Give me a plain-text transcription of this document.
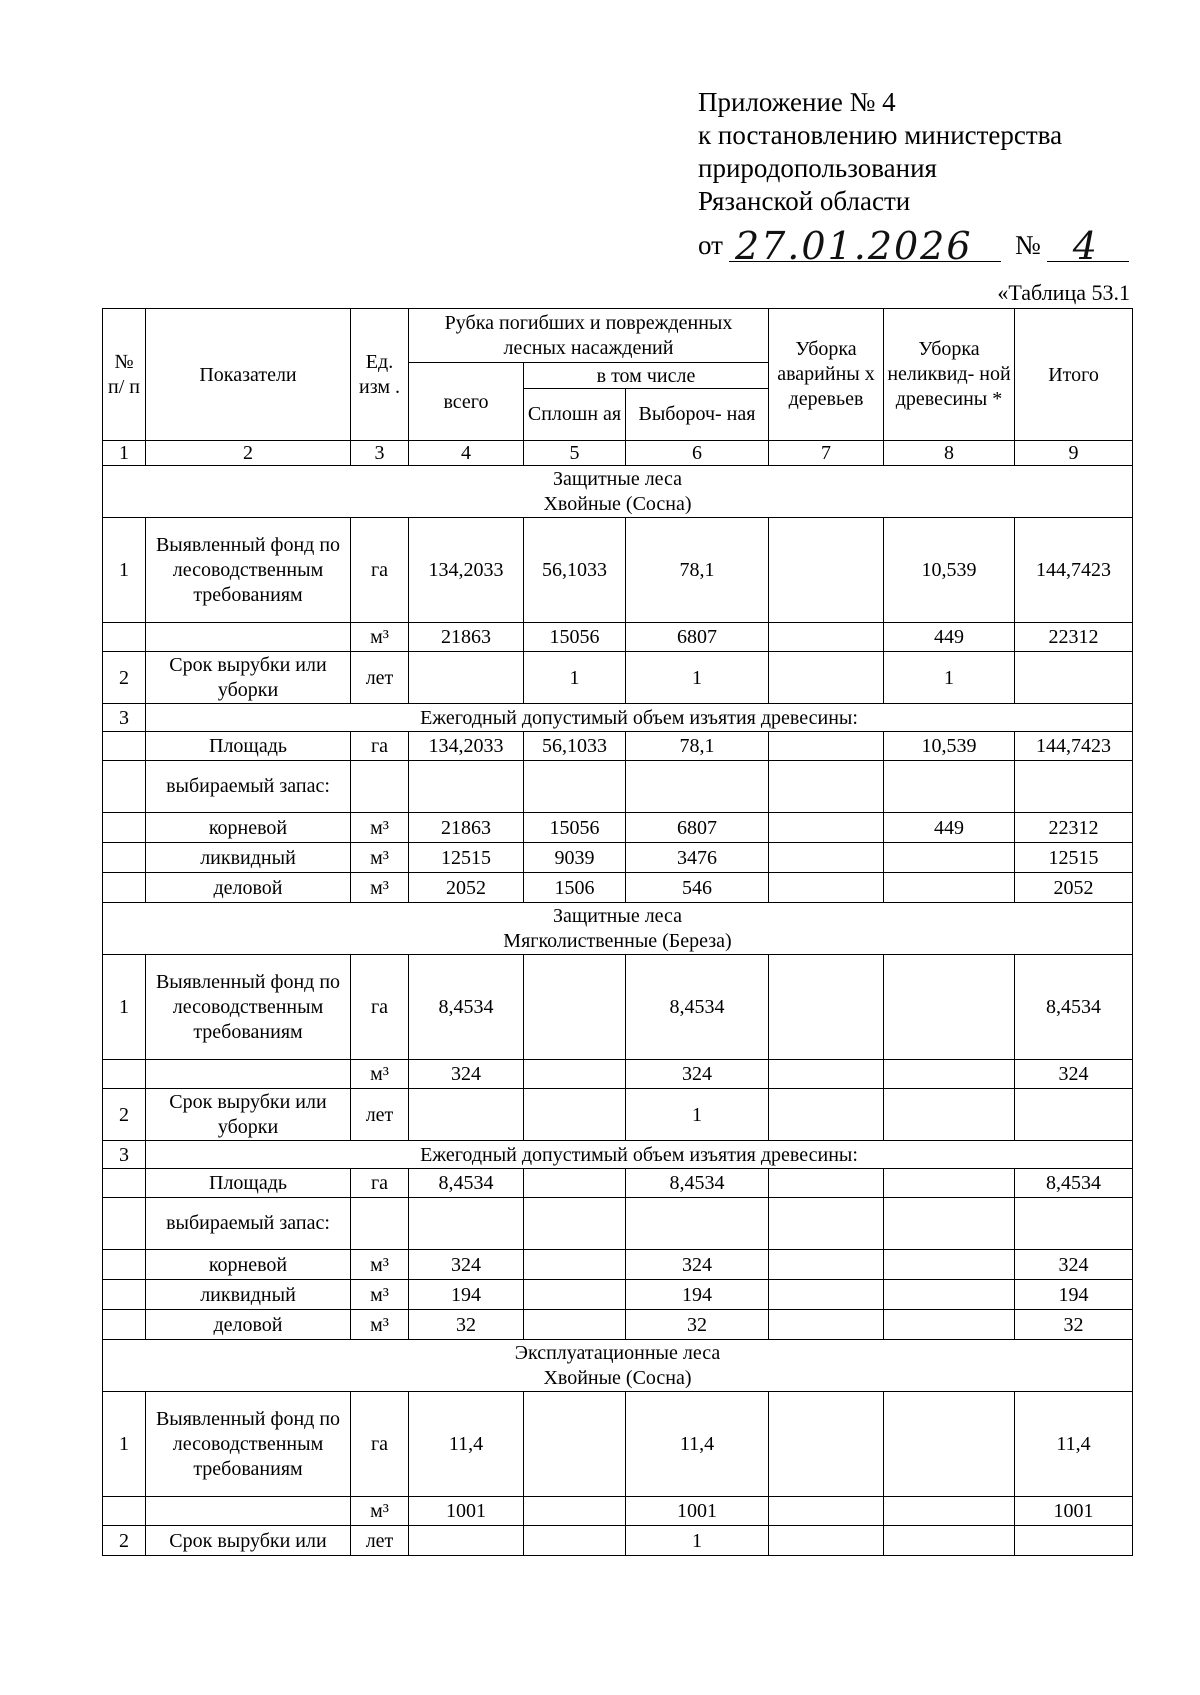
Приложение № 4
к постановлению министерства
природопользования
Рязанской области
от 27.01.2026 № 4
«Таблица 53.1
№ п/ п	Показатели	Ед. изм .	Рубка погибших и поврежденных лесных насаждений			Уборка аварийны х деревьев	Уборка неликвид- ной древесины *	Итого
			всего	в том числе				
				Сплошн ая	Выбороч- ная			
1	2	3	4	5	6	7	8	9

Защитные леса
Хвойные (Сосна)								

1	Выявленный фонд по лесоводственным требованиям	га	134,2033	56,1033	78,1		10,539	144,7423
		м³	21863	15056	6807		449	22312
2	Срок вырубки или уборки	лет		1	1		1	
3	Ежегодный допустимый объем изъятия древесины:							
	Площадь	га	134,2033	56,1033	78,1		10,539	144,7423
	выбираемый запас:							
	корневой	м³	21863	15056	6807		449	22312
	ликвидный	м³	12515	9039	3476			12515
	деловой	м³	2052	1506	546			2052

Защитные леса
Мягколиственные (Береза)								

1	Выявленный фонд по лесоводственным требованиям	га	8,4534		8,4534			8,4534
		м³	324		324			324
2	Срок вырубки или уборки	лет			1			
3	Ежегодный допустимый объем изъятия древесины:							
	Площадь	га	8,4534		8,4534			8,4534
	выбираемый запас:							
	корневой	м³	324		324			324
	ликвидный	м³	194		194			194
	деловой	м³	32		32			32

Эксплуатационные леса
Хвойные (Сосна)								

1	Выявленный фонд по лесоводственным требованиям	га	11,4		11,4			11,4
		м³	1001		1001			1001
2	Срок вырубки или	лет			1			
